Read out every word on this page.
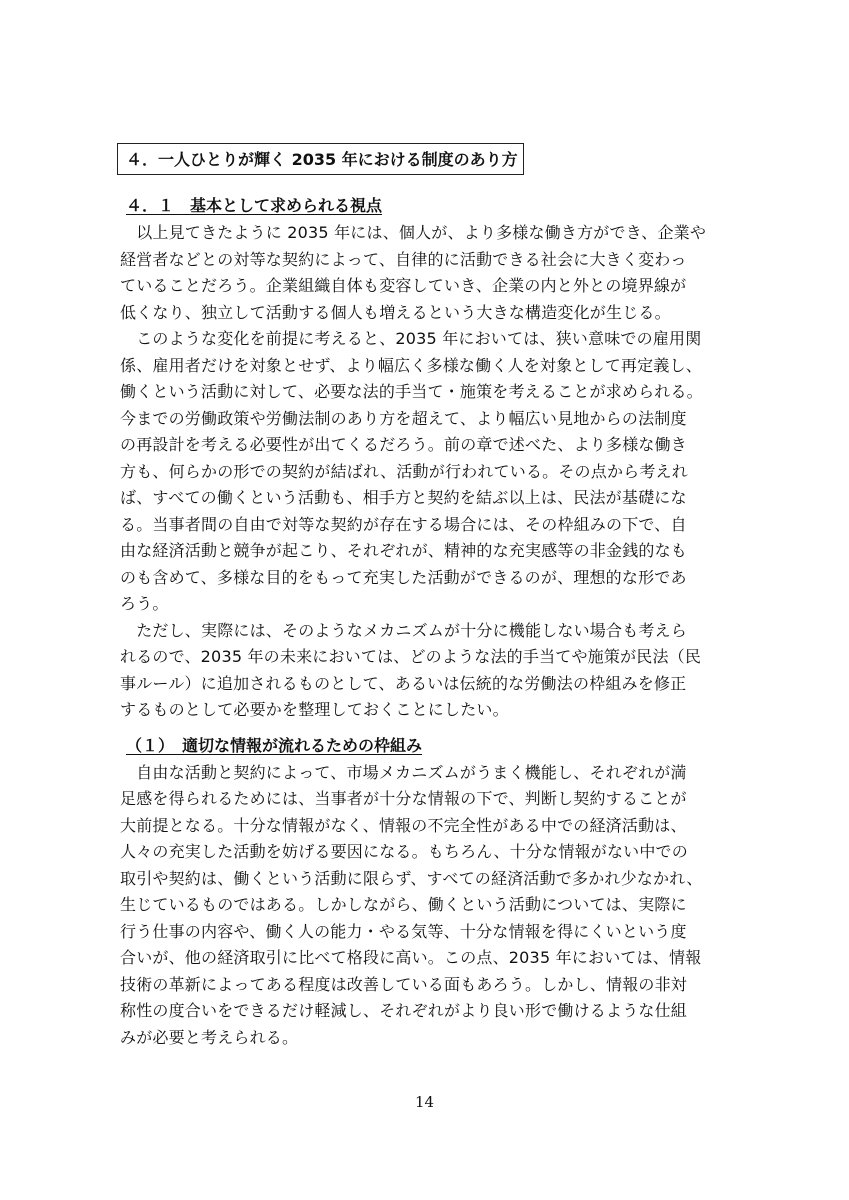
４．一人ひとりが輝く 2035 年における制度のあり方
４．１　基本として求められる視点
　以上見てきたように 2035 年には、個人が、より多様な働き方ができ、企業や
経営者などとの対等な契約によって、自律的に活動できる社会に大きく変わっ
ていることだろう。企業組織自体も変容していき、企業の内と外との境界線が
低くなり、独立して活動する個人も増えるという大きな構造変化が生じる。
　このような変化を前提に考えると、2035 年においては、狭い意味での雇用関
係、雇用者だけを対象とせず、より幅広く多様な働く人を対象として再定義し、
働くという活動に対して、必要な法的手当て・施策を考えることが求められる。
今までの労働政策や労働法制のあり方を超えて、より幅広い見地からの法制度
の再設計を考える必要性が出てくるだろう。前の章で述べた、より多様な働き
方も、何らかの形での契約が結ばれ、活動が行われている。その点から考えれ
ば、すべての働くという活動も、相手方と契約を結ぶ以上は、民法が基礎にな
る。当事者間の自由で対等な契約が存在する場合には、その枠組みの下で、自
由な経済活動と競争が起こり、それぞれが、精神的な充実感等の非金銭的なも
のも含めて、多様な目的をもって充実した活動ができるのが、理想的な形であ
ろう。
　ただし、実際には、そのようなメカニズムが十分に機能しない場合も考えら
れるので、2035 年の未来においては、どのような法的手当てや施策が民法（民
事ルール）に追加されるものとして、あるいは伝統的な労働法の枠組みを修正
するものとして必要かを整理しておくことにしたい。
（１）　適切な情報が流れるための枠組み
　自由な活動と契約によって、市場メカニズムがうまく機能し、それぞれが満
足感を得られるためには、当事者が十分な情報の下で、判断し契約することが
大前提となる。十分な情報がなく、情報の不完全性がある中での経済活動は、
人々の充実した活動を妨げる要因になる。もちろん、十分な情報がない中での
取引や契約は、働くという活動に限らず、すべての経済活動で多かれ少なかれ、
生じているものではある。しかしながら、働くという活動については、実際に
行う仕事の内容や、働く人の能力・やる気等、十分な情報を得にくいという度
合いが、他の経済取引に比べて格段に高い。この点、2035 年においては、情報
技術の革新によってある程度は改善している面もあろう。しかし、情報の非対
称性の度合いをできるだけ軽減し、それぞれがより良い形で働けるような仕組
みが必要と考えられる。
14
